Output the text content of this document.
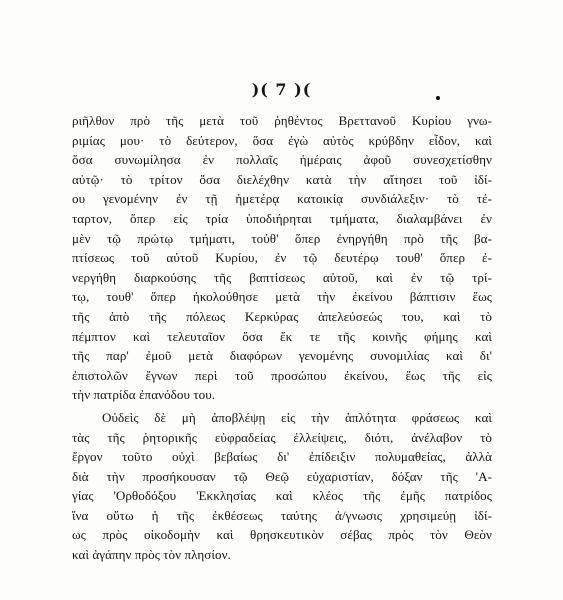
)( 7 )(
ριῆλθον πρὸ τῆς μετὰ τοῦ ῥηθέντος Βρεττανοῦ Κυρίου γνω-
ριμίας μου· τὸ δεύτερον, ὅσα ἐγὼ αὐτὸς κρύβδην εἶδον, καὶ
ὅσα συνωμίλησα ἐν πολλαῖς ἡμέραις ἀφοῦ συνεσχετίσθην
αὐτῷ· τὸ τρίτον ὅσα διελέχθην κατὰ τὴν αἴτησει τοῦ ἰδί-
ου γενομένην ἐν τῇ ἡμετέρᾳ κατοικίᾳ συνδιάλεξιν· τὸ τέ-
ταρτον, ὅπερ εἰς τρία ὑποδιήρηται τμήματα, διαλαμβάνει ἐν
μὲν τῷ πρώτῳ τμήματι, τοὐθ' ὅπερ ἐνηργήθη πρὸ τῆς βα-
πτίσεως τοῦ αὐτοῦ Κυρίου, ἐν τῷ δευτέρῳ τουθ' ὅπερ ἐ-
νεργήθη διαρκούσης τῆς βαπτίσεως αὐτοῦ, καὶ ἐν τῷ τρί-
τῳ, τουθ' ὅπερ ἠκολούθησε μετὰ τὴν ἐκείνου βάπτισιν ἕως
τῆς ἀπὸ τῆς πόλεως Κερκύρας ἀπελεύσεώς του, καὶ τὸ
πέμπτον καὶ τελευταῖον ὅσα ἔκ τε τῆς κοινῆς φήμης καὶ
τῆς παρ' ἐμοῦ μετὰ διαφόρων γενομένης συνομιλίας καὶ δι'
ἐπιστολῶν ἔγνων περὶ τοῦ προσώπου ἐκείνου, ἕως τῆς εἰς
τὴν πατρίδα ἐπανόδου του.
Οὐδεὶς δὲ μὴ ἀποβλέψῃ εἰς τὴν ἁπλότητα φράσεως καὶ
τὰς τῆς ῥητορικῆς εὐφραδείας ἐλλείψεις, διότι, ἀνέλαβον τὸ
ἔργον τοῦτο οὐχὶ βεβαίως δι' ἐπίδειξιν πολυμαθείας, ἀλλὰ
διὰ τὴν προσήκουσαν τῷ Θεῷ εὐχαριστίαν, δόξαν τῆς 'Α-
γίας 'Ορθοδόξου 'Εκκλησίας καὶ κλέος τῆς ἐμῆς πατρίδος
ἵνα οὕτω ἡ τῆς ἐκθέσεως ταύτης ἀ/γνωσις χρησιμεύῃ ἰδί-
ως πρὸς οἰκοδομὴν καὶ θρησκευτικὸν σέβας πρὸς τὸν Θεὸν
καὶ ἀγάπην πρὸς τὸν πλησίον.
